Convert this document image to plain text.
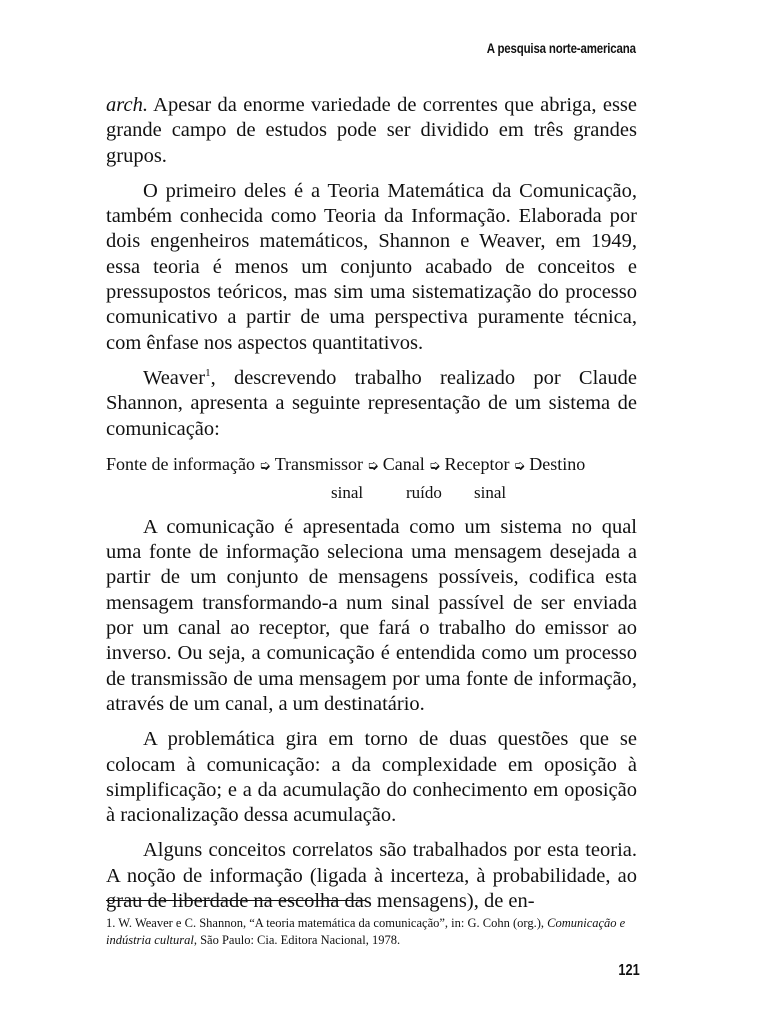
A pesquisa norte-americana

arch. Apesar da enorme variedade de correntes que abriga, esse grande campo de estudos pode ser dividido em três grandes grupos.

O primeiro deles é a Teoria Matemática da Comunicação, também conhecida como Teoria da Informação. Elaborada por dois engenheiros matemáticos, Shannon e Weaver, em 1949, essa teoria é menos um conjunto acabado de conceitos e pressupostos teóricos, mas sim uma sistematização do processo comunicativo a partir de uma perspectiva puramente técnica, com ênfase nos aspectos quantitativos.

Weaver$^1$, descrevendo trabalho realizado por Claude Shannon, apresenta a seguinte representação de um sistema de comunicação:

Fonte de informação ➭ Transmissor ➭ Canal ➭ Receptor ➭ Destino
sinal	ruído sinal

A comunicação é apresentada como um sistema no qual uma fonte de informação seleciona uma mensagem desejada a partir de um conjunto de mensagens possíveis, codifica esta mensagem transformando-a num sinal passível de ser enviada por um canal ao receptor, que fará o trabalho do emissor ao inverso. Ou seja, a comunicação é entendida como um processo de transmissão de uma mensagem por uma fonte de informação, através de um canal, a um destinatário.

A problemática gira em torno de duas questões que se colocam à comunicação: a da complexidade em oposição à simplificação; e a da acumulação do conhecimento em oposição à racionalização dessa acumulação.

Alguns conceitos correlatos são trabalhados por esta teoria. A noção de informação (ligada à incerteza, à probabilidade, ao grau de liberdade na escolha das mensagens), de en-

1. W. Weaver e C. Shannon, “A teoria matemática da comunicação”, in: G. Cohn (org.), Comunicação e indústria cultural, São Paulo: Cia. Editora Nacional, 1978.
121
